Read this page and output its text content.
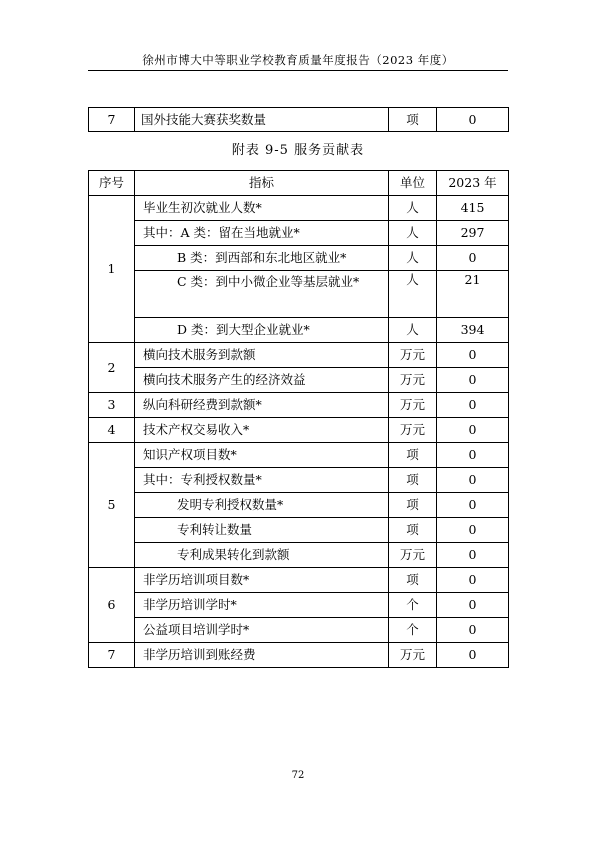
徐州市博大中等职业学校教育质量年度报告（2023 年度）
7	国外技能大赛获奖数量	项	0
附表 9-5 服务贡献表
序号	指标	单位	2023 年
1	毕业生初次就业人数*	人	415
	其中：A 类：留在当地就业*	人	297
	B 类：到西部和东北地区就业*	人	0
	C 类：到中小微企业等基层就业*	人	21
	D 类：到大型企业就业*	人	394
2	横向技术服务到款额	万元	0
	横向技术服务产生的经济效益	万元	0
3	纵向科研经费到款额*	万元	0
4	技术产权交易收入*	万元	0
5	知识产权项目数*	项	0
	其中：专利授权数量*	项	0
	发明专利授权数量*	项	0
	专利转让数量	项	0
	专利成果转化到款额	万元	0
6	非学历培训项目数*	项	0
	非学历培训学时*	个	0
	公益项目培训学时*	个	0
7	非学历培训到账经费	万元	0
72
